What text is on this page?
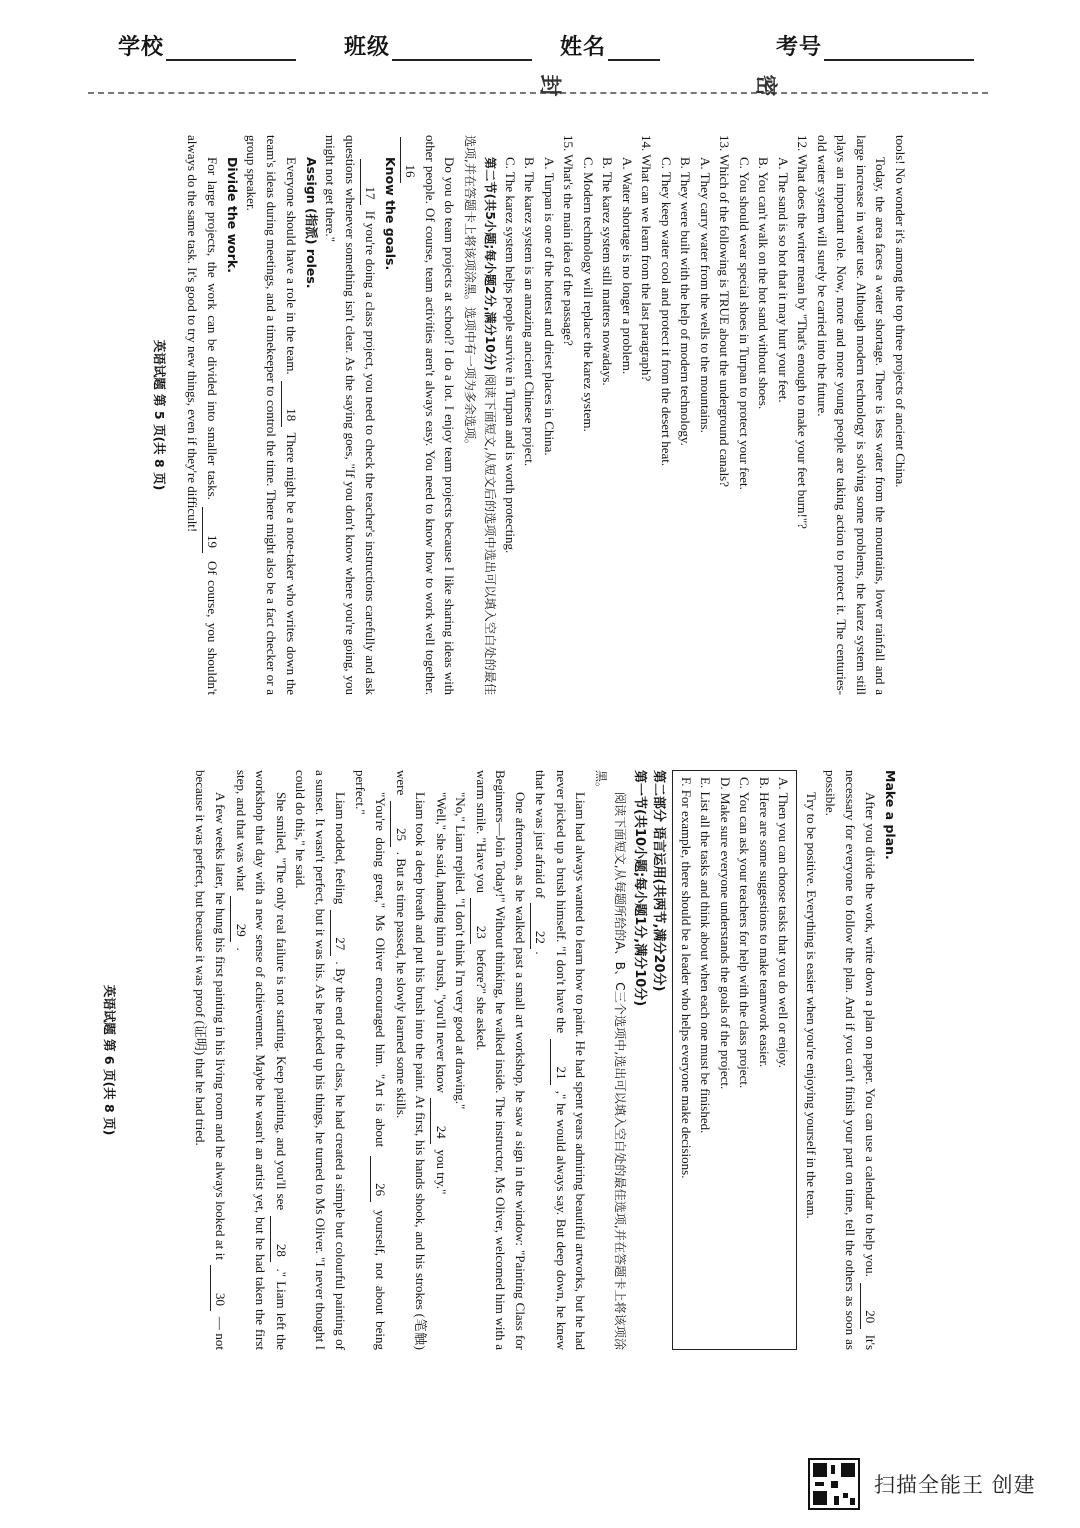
学校	班级	姓名	考号
封	密

tools! No wonder it's among the top three projects of ancient China.

Today, the area faces a water shortage. There is less water from the mountains, lower rainfall and a large increase in water use. Although modern technology is solving some problems, the karez system still plays an important role. Now, more and more young people are taking action to protect it. The centuries-old water system will surely be carried into the future.

12. What does the writer mean by "That's enough to make your feet burn!"?

A. The sand is so hot that it may hurt your feet.

B. You can't walk on the hot sand without shoes.

C. You should wear special shoes in Turpan to protect your feet.

13. Which of the following is TRUE about the underground canals?

A. They carry water from the wells to the mountains.

B. They were built with the help of modern technology.

C. They keep water cool and protect it from the desert heat.

14. What can we learn from the last paragraph?

A. Water shortage is no longer a problem.

B. The karez system still matters nowadays.

C. Modern technology will replace the karez system.

15. What's the main idea of the passage?

A. Turpan is one of the hottest and driest places in China.

B. The karez system is an amazing ancient Chinese project.

C. The karez system helps people survive in Turpan and is worth protecting.

第二节(共5小题;每小题2分,满分10分) 阅读下面短文,从短文后的选项中选出可以填入空白处的最佳选项,并在答题卡上将该项涂黑。选项中有一项为多余选项。

Do you do team projects at school? I do a lot. I enjoy team projects because I like sharing ideas with other people. Of course, team activities aren't always easy. You need to know how to work well together. 16

Know the goals.

17 If you're doing a class project, you need to check the teacher's instructions carefully and ask questions whenever something isn't clear. As the saying goes, "If you don't know where you're going, you might not get there."

Assign (指派) roles.

Everyone should have a role in the team. 18 There might be a note-taker who writes down the team's ideas during meetings, and a timekeeper to control the time. There might also be a fact checker or a group speaker.

Divide the work.

For large projects, the work can be divided into smaller tasks. 19 Of course, you shouldn't always do the same task. It's good to try new things, even if they're difficult!

英语试题 第 5 页(共 8 页)

Make a plan.

After you divide the work, write down a plan on paper. You can use a calendar to help you. 20 It's necessary for everyone to follow the plan. And if you can't finish your part on time, tell the others as soon as possible.

Try to be positive. Everything is easier when you're enjoying yourself in the team.

A. Then you can choose tasks that you do well or enjoy.

B. Here are some suggestions to make teamwork easier.

C. You can ask your teachers for help with the class project.

D. Make sure everyone understands the goals of the project.

E. List all the tasks and think about when each one must be finished.

F. For example, there should be a leader who helps everyone make decisions.

第二部分 语言运用(共两节,满分20分)

第一节(共10小题;每小题1分,满分10分)

阅读下面短文,从每题所给的A、B、C三个选项中,选出可以填入空白处的最佳选项,并在答题卡上将该项涂黑。

Liam had always wanted to learn how to paint. He had spent years admiring beautiful artworks, but he had never picked up a brush himself. "I don't have the 21 ," he would always say. But deep down, he knew that he was just afraid of 22.

One afternoon, as he walked past a small art workshop, he saw a sign in the window: "Painting Class for Beginners—Join Today!" Without thinking, he walked inside. The instructor, Ms Oliver, welcomed him with a warm smile. "Have you 23 before?" she asked.

"No," Liam replied. "I don't think I'm very good at drawing."

"Well," she said, handing him a brush, "you'll never know 24 you try."

Liam took a deep breath and put his brush into the paint. At first, his hands shook, and his strokes (笔触) were 25 . But as time passed, he slowly learned some skills.

"You're doing great," Ms Oliver encouraged him. "Art is about 26 yourself, not about being perfect."

Liam nodded, feeling 27 . By the end of the class, he had created a simple but colourful painting of a sunset. It wasn't perfect, but it was his. As he packed up his things, he turned to Ms Oliver. "I never thought I could do this," he said.

She smiled, "The only real failure is not starting. Keep painting, and you'll see 28 ." Liam left the workshop that day with a new sense of achievement. Maybe he wasn't an artist yet, but he had taken the first step, and that was what 29 .

A few weeks later, he hung his first painting in his living room and he always looked at it 30 — not because it was perfect, but because it was proof (证明) that he had tried.

英语试题 第 6 页(共 8 页)
扫描全能王 创建
